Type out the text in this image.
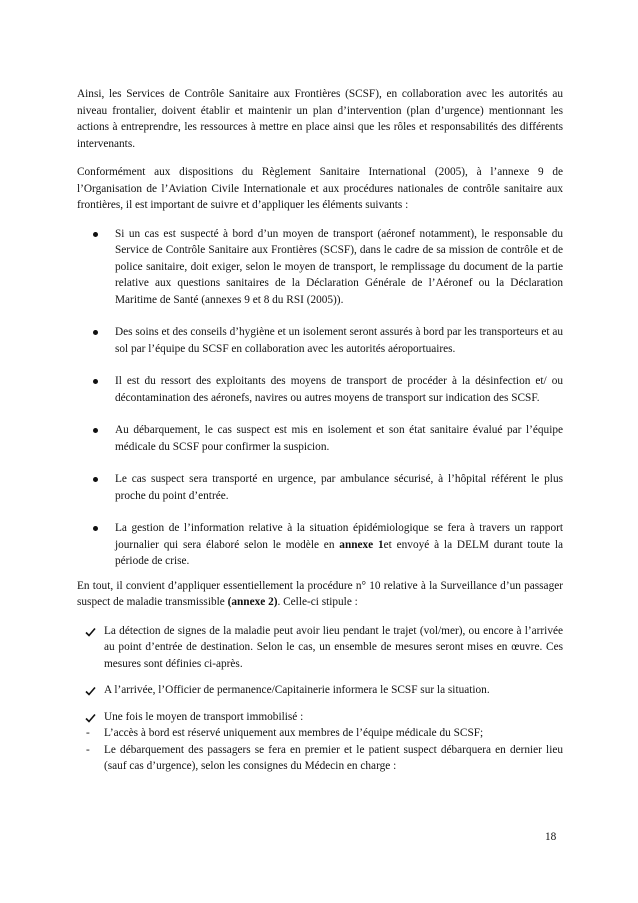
Ainsi, les Services de Contrôle Sanitaire aux Frontières (SCSF), en collaboration avec les autorités au niveau frontalier, doivent établir et maintenir un plan d’intervention (plan d’urgence) mentionnant les actions à entreprendre, les ressources à mettre en place ainsi que les rôles et responsabilités des différents intervenants.

Conformément aux dispositions du Règlement Sanitaire International (2005), à l’annexe 9 de l’Organisation de l’Aviation Civile Internationale et aux procédures nationales de contrôle sanitaire aux frontières, il est important de suivre et d’appliquer les éléments suivants :

Si un cas est suspecté à bord d’un moyen de transport (aéronef notamment), le responsable du Service de Contrôle Sanitaire aux Frontières (SCSF), dans le cadre de sa mission de contrôle et de police sanitaire, doit exiger, selon le moyen de transport, le remplissage du document de la partie relative aux questions sanitaires de la Déclaration Générale de l’Aéronef ou la Déclaration Maritime de Santé (annexes 9 et 8 du RSI (2005)).
Des soins et des conseils d’hygiène et un isolement seront assurés à bord par les transporteurs et au sol par l’équipe du SCSF en collaboration avec les autorités aéroportuaires.
Il est du ressort des exploitants des moyens de transport de procéder à la désinfection et/ ou décontamination des aéronefs, navires ou autres moyens de transport sur indication des SCSF.
Au débarquement, le cas suspect est mis en isolement et son état sanitaire évalué par l’équipe médicale du SCSF pour confirmer la suspicion.
Le cas suspect sera transporté en urgence, par ambulance sécurisé, à l’hôpital référent le plus proche du point d’entrée.
La gestion de l’information relative à la situation épidémiologique se fera à travers un rapport journalier qui sera élaboré selon le modèle en annexe 1et envoyé à la DELM durant toute la période de crise.

En tout, il convient d’appliquer essentiellement la procédure n° 10 relative à la Surveillance d’un passager suspect de maladie transmissible (annexe 2). Celle-ci stipule :

La détection de signes de la maladie peut avoir lieu pendant le trajet (vol/mer), ou encore à l’arrivée au point d’entrée de destination. Selon le cas, un ensemble de mesures seront mises en œuvre. Ces mesures sont définies ci-après.
A l’arrivée, l’Officier de permanence/Capitainerie informera le SCSF sur la situation.
Une fois le moyen de transport immobilisé :
- L’accès à bord est réservé uniquement aux membres de l’équipe médicale du SCSF;
- Le débarquement des passagers se fera en premier et le patient suspect débarquera en dernier lieu (sauf cas d’urgence), selon les consignes du Médecin en charge :
18
